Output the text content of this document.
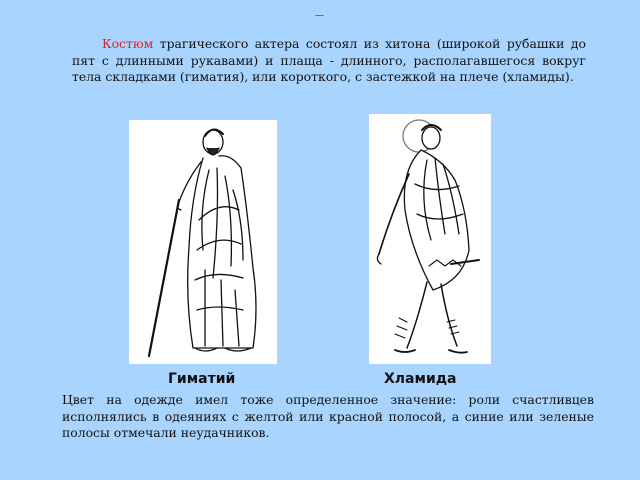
—

Костюм трагического актера состоял из хитона (широкой рубашки до пят с длинными рукавами) и плаща - длинного, располагавшегося вокруг тела складками (гиматия), или короткого, с застежкой на плече (хламиды).

Гиматий	Хламида

Цвет на одежде имел тоже определенное значение: роли счастливцев исполнялись в одеяниях с желтой или красной полосой, а синие или зеленые полосы отмечали неудачников.
